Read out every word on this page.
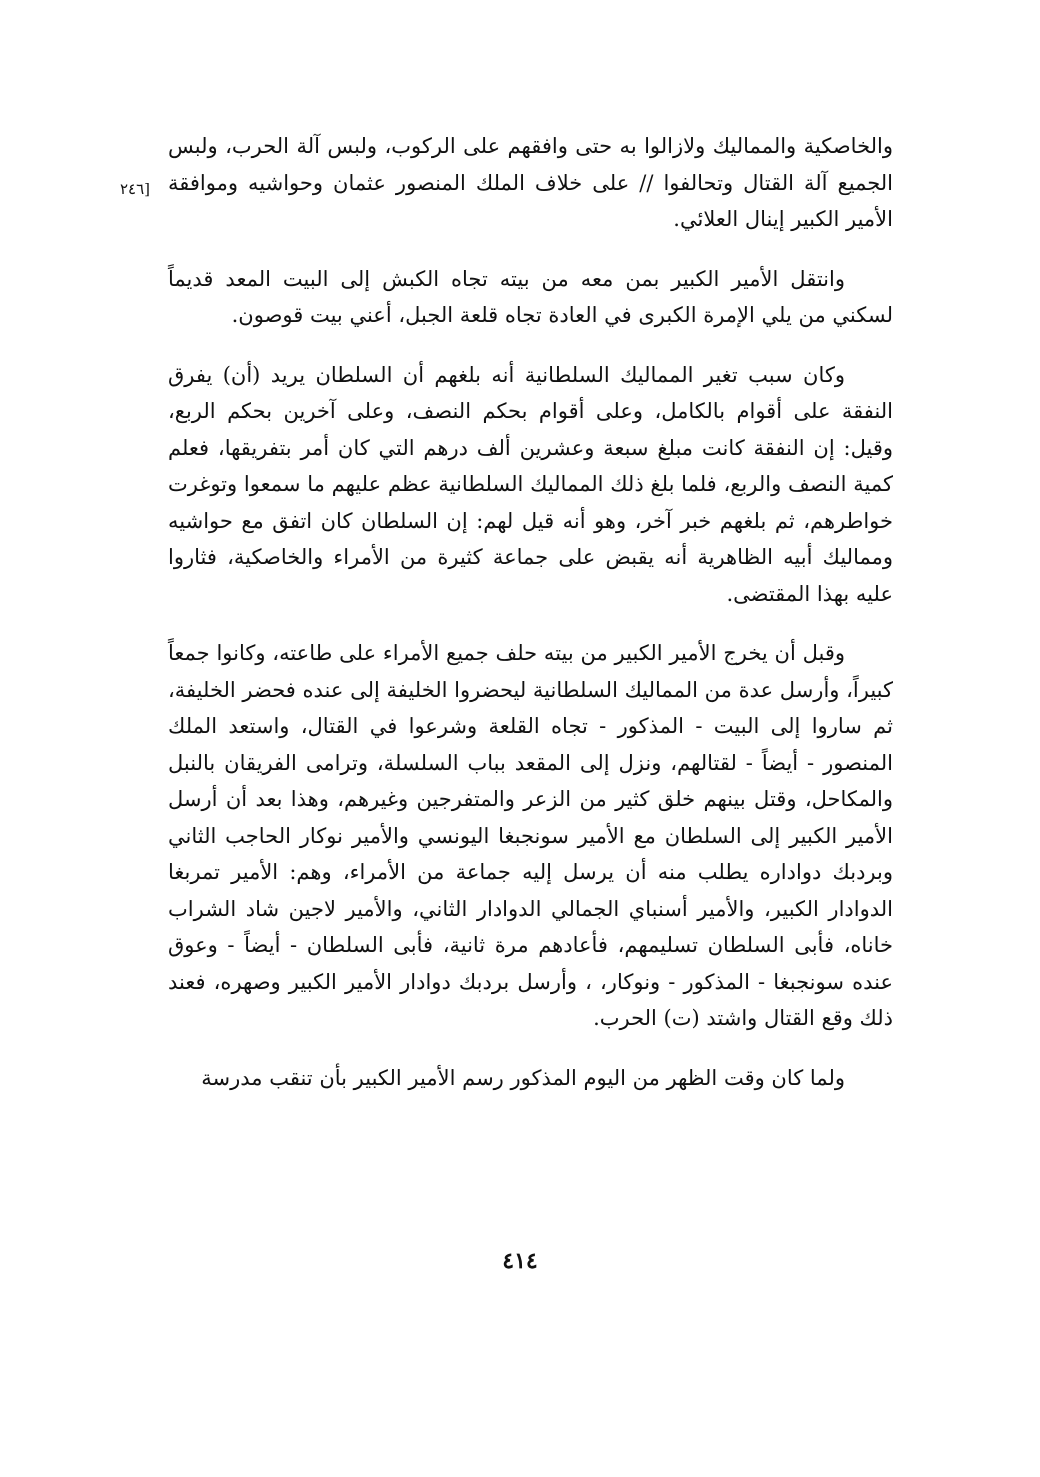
٢٤٦]

والخاصكية والمماليك ولازالوا به حتى وافقهم على الركوب، ولبس آلة الحرب، ولبس الجميع آلة القتال وتحالفوا // على خلاف الملك المنصور عثمان وحواشيه وموافقة الأمير الكبير إينال العلائي.

وانتقل الأمير الكبير بمن معه من بيته تجاه الكبش إلى البيت المعد قديماً لسكني من يلي الإمرة الكبرى في العادة تجاه قلعة الجبل، أعني بيت قوصون.

وكان سبب تغير المماليك السلطانية أنه بلغهم أن السلطان يريد (أن) يفرق النفقة على أقوام بالكامل، وعلى أقوام بحكم النصف، وعلى آخرين بحكم الربع، وقيل: إن النفقة كانت مبلغ سبعة وعشرين ألف درهم التي كان أمر بتفريقها، فعلم كمية النصف والربع، فلما بلغ ذلك المماليك السلطانية عظم عليهم ما سمعوا وتوغرت خواطرهم، ثم بلغهم خبر آخر، وهو أنه قيل لهم: إن السلطان كان اتفق مع حواشيه ومماليك أبيه الظاهرية أنه يقبض على جماعة كثيرة من الأمراء والخاصكية، فثاروا عليه بهذا المقتضى.

وقبل أن يخرج الأمير الكبير من بيته حلف جميع الأمراء على طاعته، وكانوا جمعاً كبيراً، وأرسل عدة من المماليك السلطانية ليحضروا الخليفة إلى عنده فحضر الخليفة، ثم ساروا إلى البيت - المذكور - تجاه القلعة وشرعوا في القتال، واستعد الملك المنصور - أيضاً - لقتالهم، ونزل إلى المقعد بباب السلسلة، وترامى الفريقان بالنبل والمكاحل، وقتل بينهم خلق كثير من الزعر والمتفرجين وغيرهم، وهذا بعد أن أرسل الأمير الكبير إلى السلطان مع الأمير سونجبغا اليونسي والأمير نوكار الحاجب الثاني وبردبك دواداره يطلب منه أن يرسل إليه جماعة من الأمراء، وهم: الأمير تمربغا الدوادار الكبير، والأمير أسنباي الجمالي الدوادار الثاني، والأمير لاجين شاد الشراب خاناه، فأبى السلطان تسليمهم، فأعادهم مرة ثانية، فأبى السلطان - أيضاً - وعوق عنده سونجبغا - المذكور - ونوكار، ، وأرسل بردبك دوادار الأمير الكبير وصهره، فعند ذلك وقع القتال واشتد (ت) الحرب.

ولما كان وقت الظهر من اليوم المذكور رسم الأمير الكبير بأن تنقب مدرسة

٤١٤
